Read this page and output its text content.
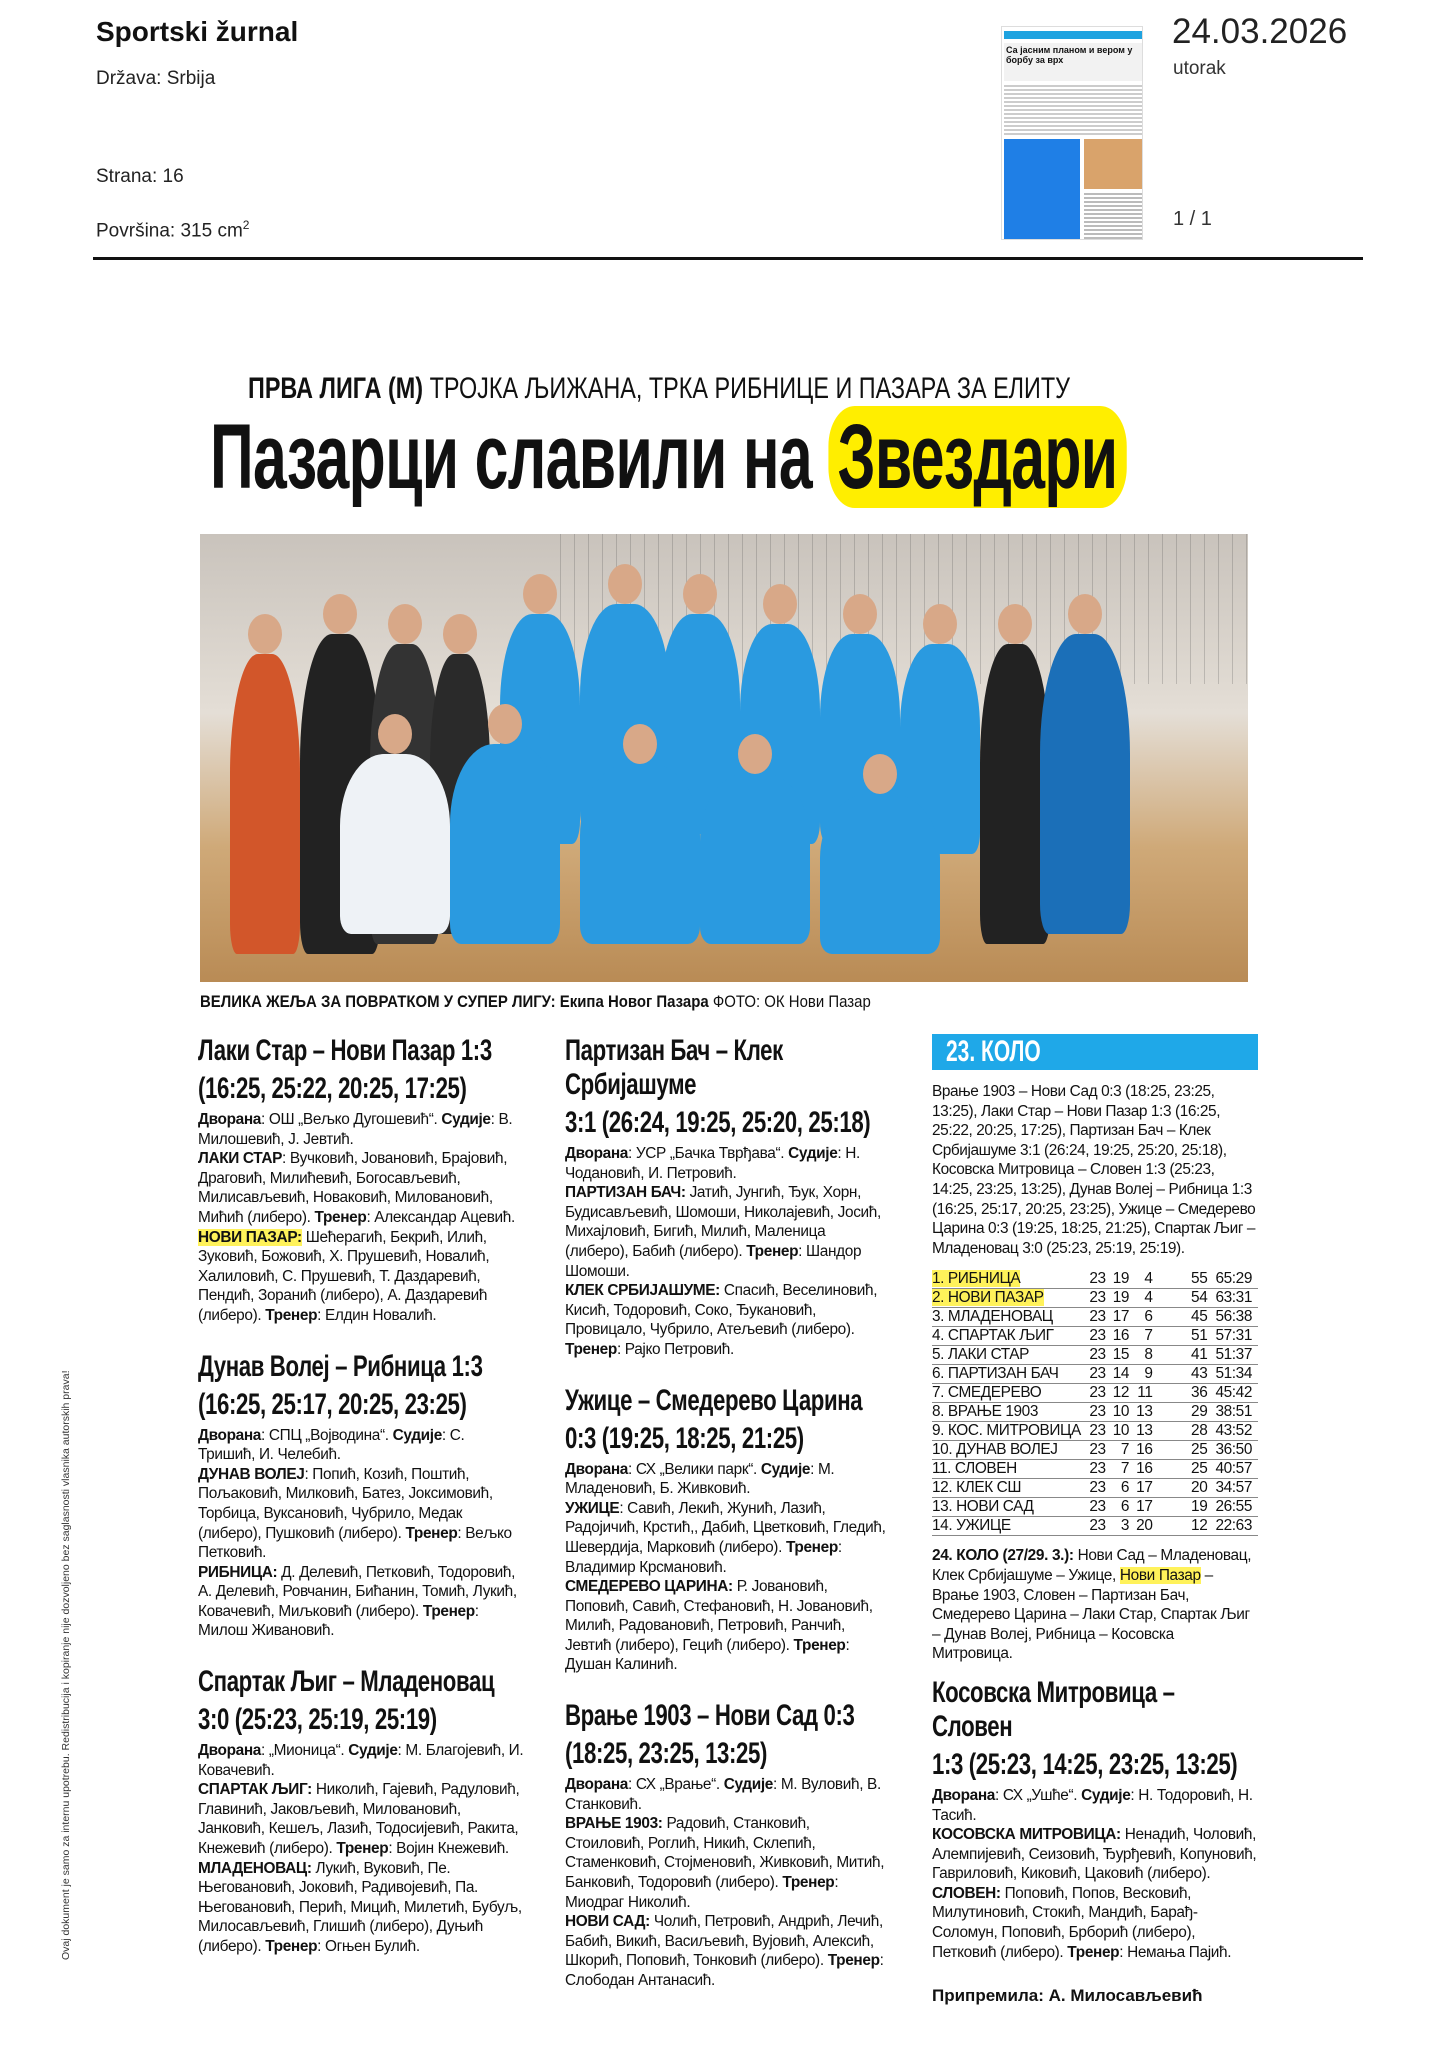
Sportski žurnal
Država: Srbija
Strana: 16
Površina: 315 $cm^2$
Са јасним планом и вером у борбу за врх
24.03.2026
utorak
1 / 1
Ovaj dokument je samo za internu upotrebu. Redistribucija i kopiranje nije dozvoljeno bez saglasnosti vlasnika autorskih prava!
ПРВА ЛИГА (М) ТРОЈКА ЉИЖАНА, ТРКА РИБНИЦЕ И ПАЗАРА ЗА ЕЛИТУ
Пазарци славили на Звездари
ВЕЛИКА ЖЕЉА ЗА ПОВРАТКОМ У СУПЕР ЛИГУ: Екипа Новог Пазара ФОТО: ОК Нови Пазар
Лаки Стар – Нови Пазар 1:3
(16:25, 25:22, 20:25, 17:25)

Дворана: ОШ „Вељко Дугошевић“. Судије: В. Милошевић, Ј. Јевтић.

ЛАКИ СТАР: Вучковић, Јовановић, Брајовић, Драговић, Милићевић, Богосављевић, Милисављевић, Новаковић, Миловановић, Мићић (либеро). Тренер: Александар Ацевић.

НОВИ ПАЗАР: Шећерагић, Бекрић, Илић, Зуковић, Божовић, Х. Прушевић, Новалић, Халиловић, С. Прушевић, Т. Даздаревић, Пендић, Зоранић (либеро), А. Даздаревић (либеро). Тренер: Елдин Новалић.

Дунав Волеј – Рибница 1:3
(16:25, 25:17, 20:25, 23:25)

Дворана: СПЦ „Војводина“. Судије: С. Тришић, И. Челебић.

ДУНАВ ВОЛЕЈ: Попић, Козић, Поштић, Пољаковић, Милковић, Батез, Јоксимовић, Торбица, Вуксановић, Чубрило, Медак (либеро), Пушковић (либеро). Тренер: Вељко Петковић.

РИБНИЦА: Д. Делевић, Петковић, Тодоровић, А. Делевић, Ровчанин, Бићанин, Томић, Лукић, Ковачевић, Миљковић (либеро). Тренер: Милош Живановић.

Спартак Љиг – Младеновац
3:0 (25:23, 25:19, 25:19)

Дворана: „Мионица“. Судије: М. Благојевић, И. Ковачевић.

СПАРТАК ЉИГ: Николић, Гајевић, Радуловић, Главинић, Јаковљевић, Миловановић, Јанковић, Кешељ, Лазић, Тодосијевић, Ракита, Кнежевић (либеро). Тренер: Војин Кнежевић.

МЛАДЕНОВАЦ: Лукић, Вуковић, Пе. Његовановић, Јоковић, Радивојевић, Па. Његовановић, Перић, Мицић, Милетић, Бубуљ, Милосављевић, Глишић (либеро), Дуњић (либеро). Тренер: Огњен Булић.

Партизан Бач – Клек Србијашуме
3:1 (26:24, 19:25, 25:20, 25:18)

Дворана: УСР „Бачка Тврђава“. Судије: Н. Чодановић, И. Петровић.

ПАРТИЗАН БАЧ: Јатић, Јунгић, Ђук, Хорн, Будисављевић, Шомоши, Николајевић, Јосић, Михајловић, Бигић, Милић, Маленица (либеро), Бабић (либеро). Тренер: Шандор Шомоши.

КЛЕК СРБИЈАШУМЕ: Спасић, Веселиновић, Кисић, Тодоровић, Соко, Ђукановић, Провицало, Чубрило, Атељевић (либеро). Тренер: Рајко Петровић.

Ужице – Смедерево Царина
0:3 (19:25, 18:25, 21:25)

Дворана: СХ „Велики парк“. Судије: М. Младеновић, Б. Живковић.

УЖИЦЕ: Савић, Лекић, Жунић, Лазић, Радојичић, Крстић,, Дабић, Цветковић, Гледић, Шевердија, Марковић (либеро). Тренер: Владимир Крсмановић.

СМЕДЕРЕВО ЦАРИНА: Р. Јовановић, Поповић, Савић, Стефановић, Н. Јовановић, Милић, Радовановић, Петровић, Ранчић, Јевтић (либеро), Гецић (либеро). Тренер: Душан Калинић.

Врање 1903 – Нови Сад 0:3
(18:25, 23:25, 13:25)

Дворана: СХ „Врање“. Судије: М. Вуловић, В. Станковић.

ВРАЊЕ 1903: Радовић, Станковић, Стоиловић, Роглић, Никић, Склепић, Стаменковић, Стојменовић, Живковић, Митић, Банковић, Тодоровић (либеро). Тренер: Миодраг Николић.

НОВИ САД: Чолић, Петровић, Андрић, Лечић, Бабић, Викић, Васиљевић, Вујовић, Алексић, Шкорић, Поповић, Тонковић (либеро). Тренер: Слободан Антанасић.

23. КОЛО
Врање 1903 – Нови Сад 0:3 (18:25, 23:25, 13:25), Лаки Стар – Нови Пазар 1:3 (16:25, 25:22, 20:25, 17:25), Партизан Бач – Клек Србијашуме 3:1 (26:24, 19:25, 25:20, 25:18), Косовска Митровица – Словен 1:3 (25:23, 14:25, 23:25, 13:25), Дунав Волеј – Рибница 1:3 (16:25, 25:17, 20:25, 23:25), Ужице – Смедерево Царина 0:3 (19:25, 18:25, 21:25), Спартак Љиг – Младеновац 3:0 (25:23, 25:19, 25:19).
1. РИБНИЦА	23	19	4	55	65:29
2. НОВИ ПАЗАР	23	19	4	54	63:31
3. МЛАДЕНОВАЦ	23	17	6	45	56:38
4. СПАРТАК ЉИГ	23	16	7	51	57:31
5. ЛАКИ СТАР	23	15	8	41	51:37
6. ПАРТИЗАН БАЧ	23	14	9	43	51:34
7. СМЕДЕРЕВО	23	12	11	36	45:42
8. ВРАЊЕ 1903	23	10	13	29	38:51
9. КОС. МИТРОВИЦА	23	10	13	28	43:52
10. ДУНАВ ВОЛЕЈ	23	7	16	25	36:50
11. СЛОВЕН	23	7	16	25	40:57
12. КЛЕК СШ	23	6	17	20	34:57
13. НОВИ САД	23	6	17	19	26:55
14. УЖИЦЕ	23	3	20	12	22:63
24. КОЛО (27/29. 3.): Нови Сад – Младеновац, Клек Србијашуме – Ужице, Нови Пазар – Врање 1903, Словен – Партизан Бач, Смедерево Царина – Лаки Стар, Спартак Љиг – Дунав Волеј, Рибница – Косовска Митровица.
Косовска Митровица – Словен
1:3 (25:23, 14:25, 23:25, 13:25)

Дворана: СХ „Ушће“. Судије: Н. Тодоровић, Н. Тасић.

КОСОВСКА МИТРОВИЦА: Ненадић, Чоловић, Алемпијевић, Сеизовић, Ђурђевић, Копуновић, Гавриловић, Киковић, Цаковић (либеро).

СЛОВЕН: Поповић, Попов, Весковић, Милутиновић, Стокић, Мандић, Барађ-Соломун, Поповић, Брборић (либеро), Петковић (либеро). Тренер: Немања Пајић.

Припремила: А. Милосављевић
